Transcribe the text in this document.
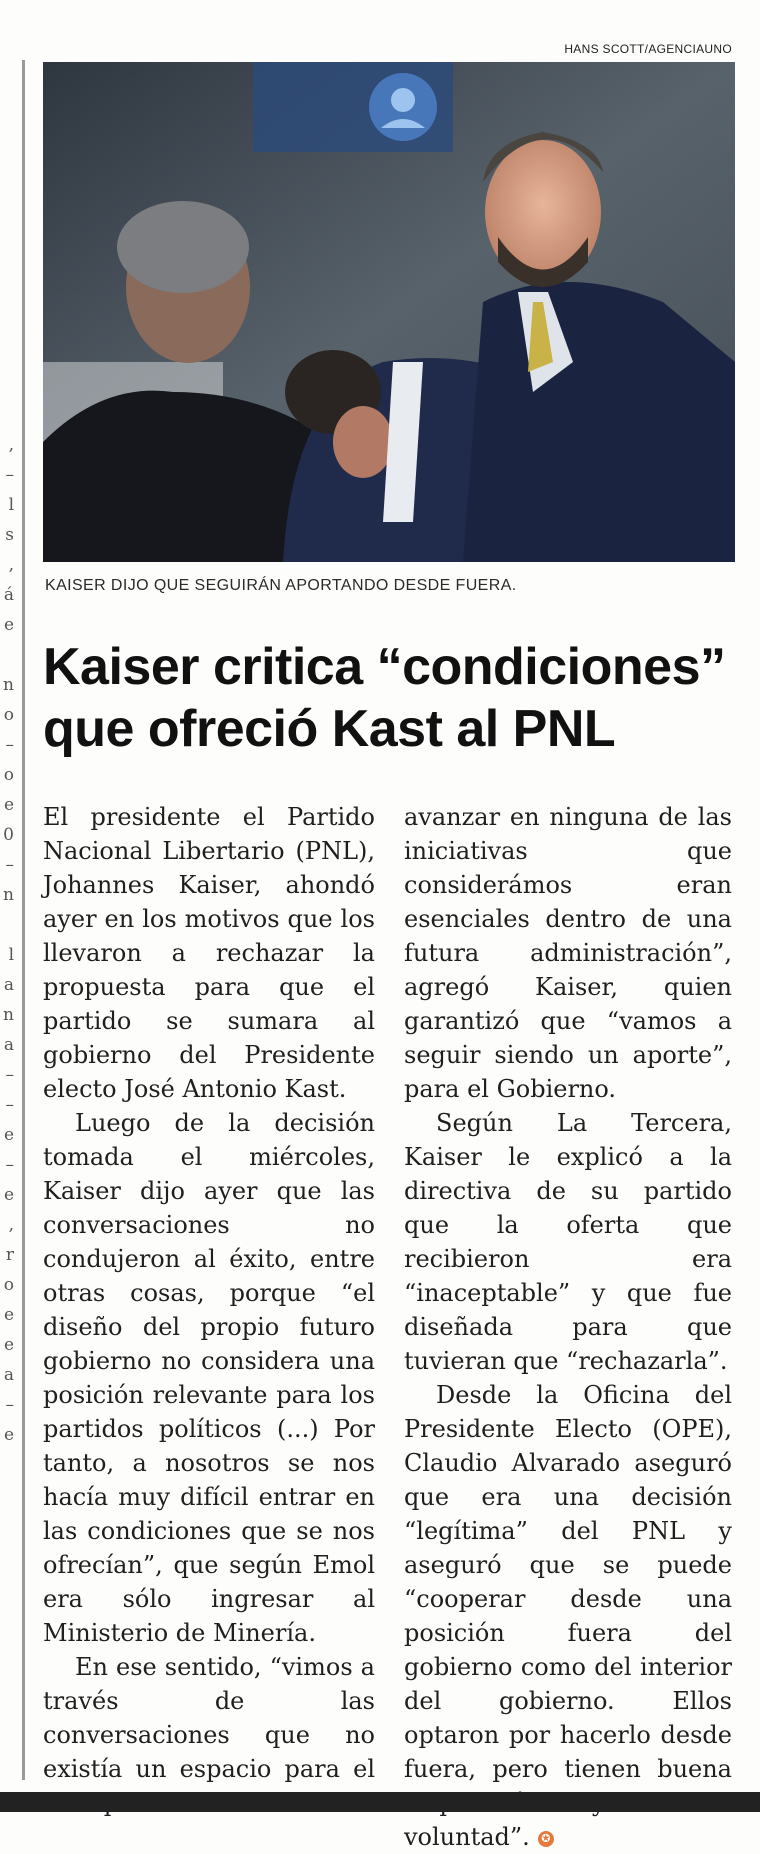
,
–
l
s
,
á
e

n
o
–
o
e
0
–
n

l
a
n
a
–
–
e
–
e
,
r
o
e
e
a
–
e
HANS SCOTT/AGENCIAUNO
KAISER DIJO QUE SEGUIRÁN APORTANDO DESDE FUERA.
Kaiser critica “condiciones”
que ofreció Kast al PNL

El presidente el Partido Nacional Libertario (PNL), Johannes Kaiser, ahondó ayer en los motivos que los llevaron a rechazar la propuesta para que el partido se sumara al gobierno del Presidente electo José Antonio Kast.

Luego de la decisión tomada el miércoles, Kaiser dijo ayer que las conversaciones no condujeron al éxito, entre otras cosas, porque “el diseño del propio futuro gobierno no considera una posición relevante para los partidos políticos (...) Por tanto, a nosotros se nos hacía muy difícil entrar en las condiciones que se nos ofrecían”, que según Emol era sólo ingresar al Ministerio de Minería.

En ese sentido, “vimos a través de las conversaciones que no existía un espacio para el

avanzar en ninguna de las iniciativas que considerámos eran esenciales dentro de una futura administración”, agregó Kaiser, quien garantizó que “vamos a seguir siendo un aporte”, para el Gobierno.

Según La Tercera, Kaiser le explicó a la directiva de su partido que la oferta que recibieron era “inaceptable” y que fue diseñada para que tuvieran que “rechazarla”.

Desde la Oficina del Presidente Electo (OPE), Claudio Alvarado aseguró que era una decisión “legítima” del PNL y aseguró que se puede “cooperar desde una posición fuera del gobierno como del interior del gobierno. Ellos optaron por hacerlo desde fuera, pero tienen buena voluntad”. ✪
